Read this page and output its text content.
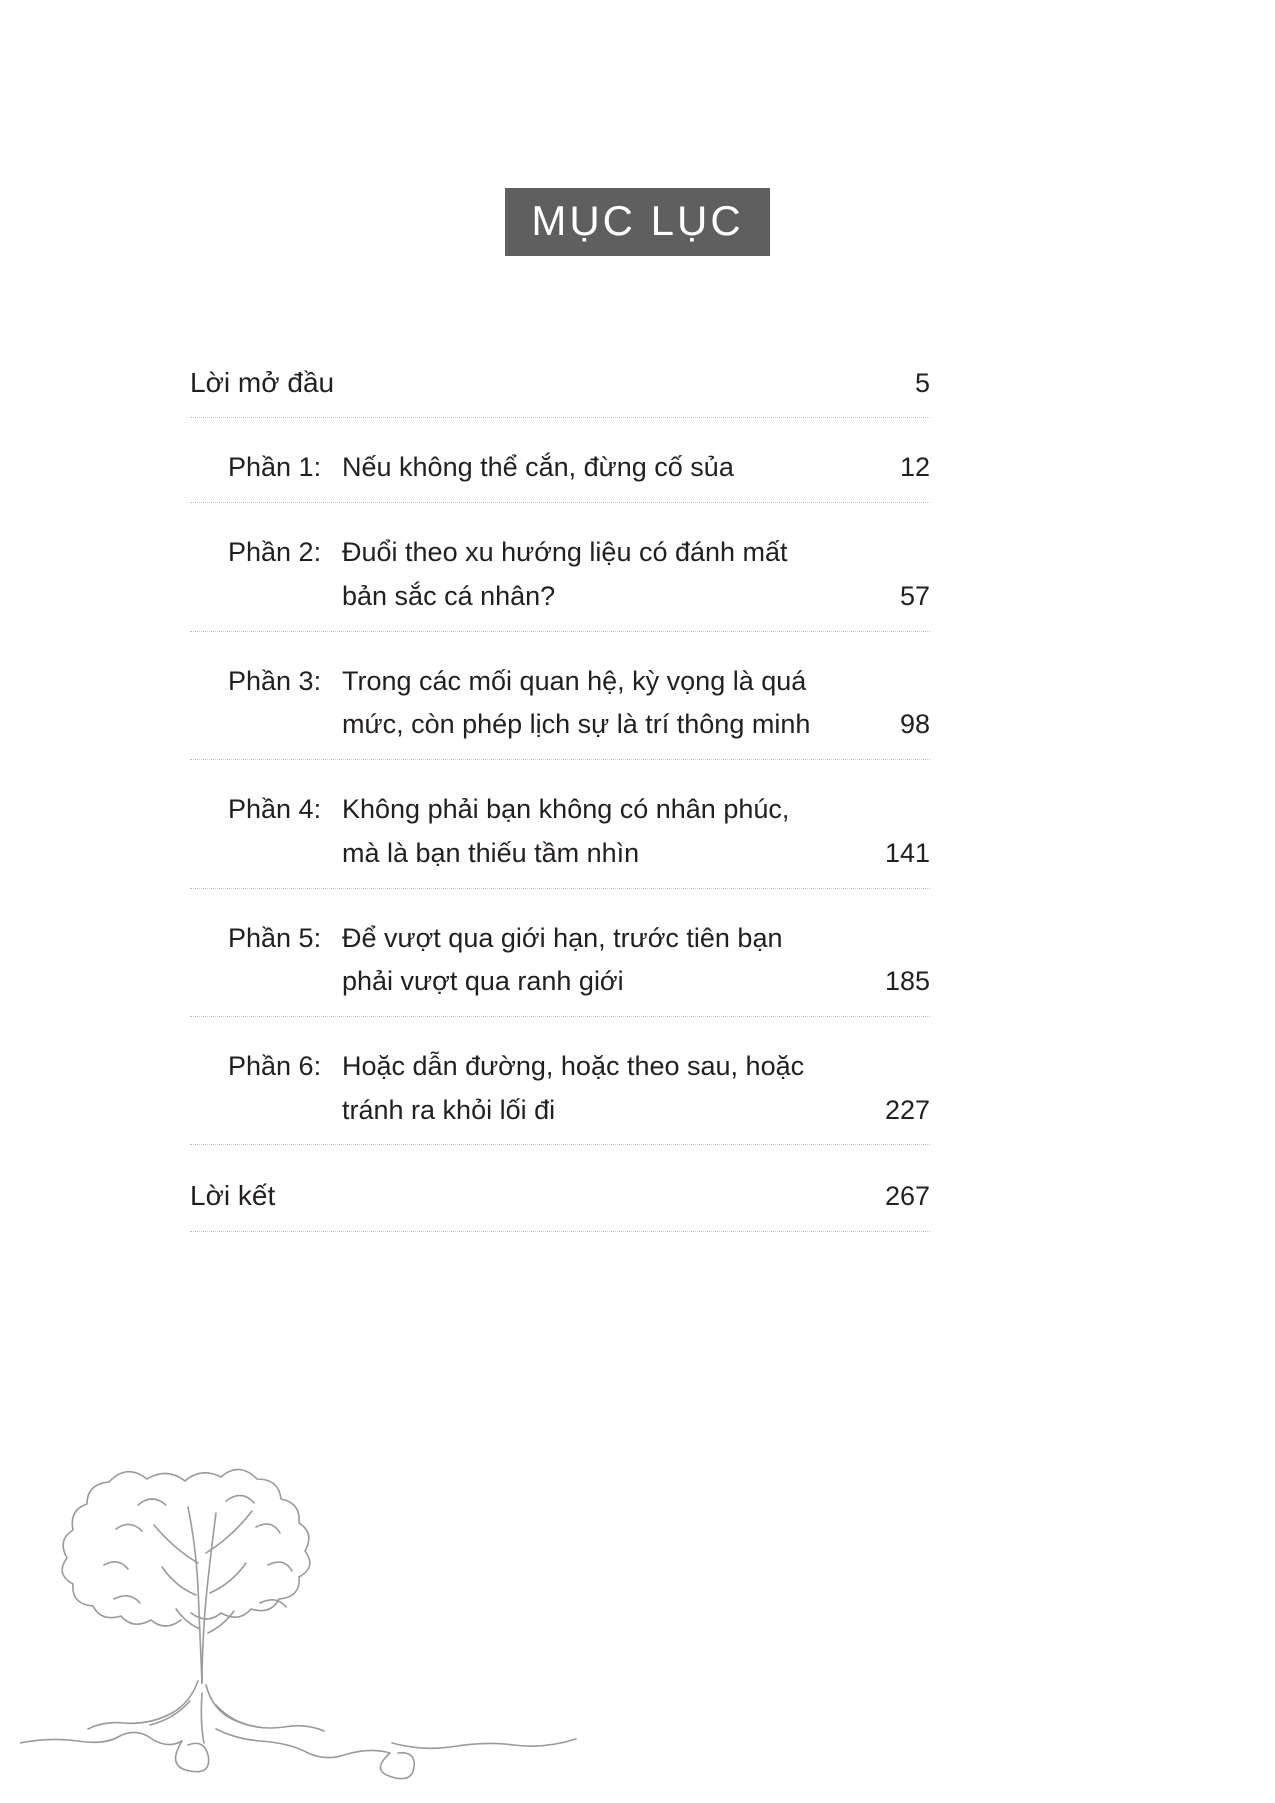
MỤC LỤC
Lời mở đầu	5
Phần 1: Nếu không thể cắn, đừng cố sủa	12
Phần 2: Đuổi theo xu hướng liệu có đánh mất bản sắc cá nhân?	57
Phần 3: Trong các mối quan hệ, kỳ vọng là quá mức, còn phép lịch sự là trí thông minh	98
Phần 4: Không phải bạn không có nhân phúc, mà là bạn thiếu tầm nhìn	141
Phần 5: Để vượt qua giới hạn, trước tiên bạn phải vượt qua ranh giới	185
Phần 6: Hoặc dẫn đường, hoặc theo sau, hoặc tránh ra khỏi lối đi	227
Lời kết	267
